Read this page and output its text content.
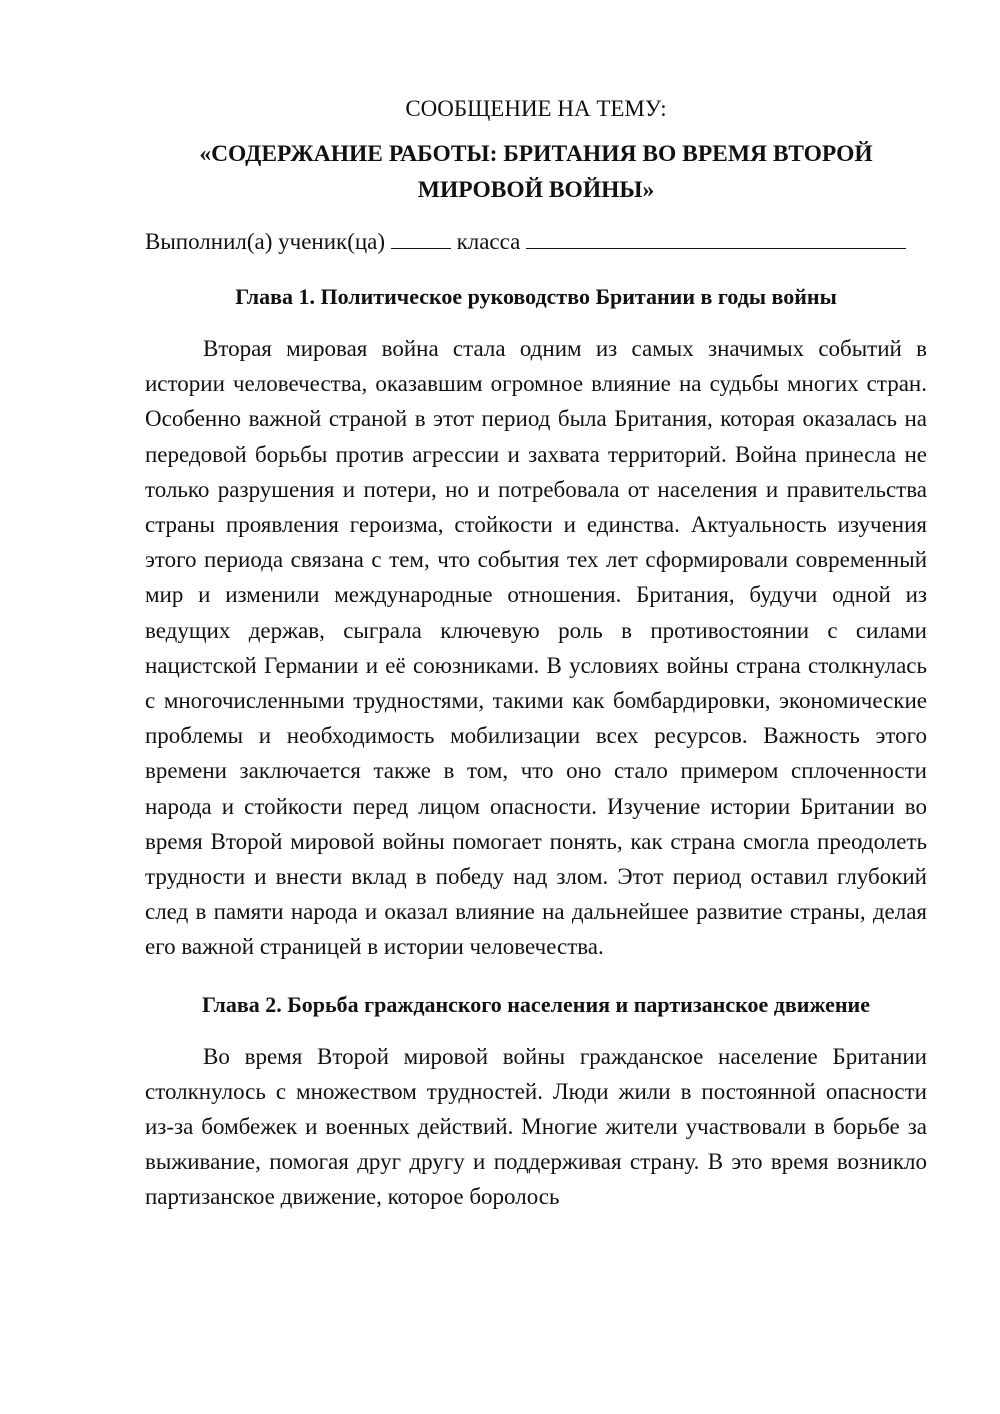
СООБЩЕНИЕ НА ТЕМУ:
«СОДЕРЖАНИЕ РАБОТЫ: БРИТАНИЯ ВО ВРЕМЯ ВТОРОЙ
МИРОВОЙ ВОЙНЫ»
Выполнил(а) ученик(ца)	класса
Глава 1. Политическое руководство Британии в годы войны

Вторая мировая война стала одним из самых значимых событий в истории человечества, оказавшим огромное влияние на судьбы многих стран. Особенно важной страной в этот период была Британия, которая оказалась на передовой борьбы против агрессии и захвата территорий. Война принесла не только разрушения и потери, но и потребовала от населения и правительства страны проявления героизма, стойкости и единства. Актуальность изучения этого периода связана с тем, что события тех лет сформировали современный мир и изменили международные отношения. Британия, будучи одной из ведущих держав, сыграла ключевую роль в противостоянии с силами нацистской Германии и её союзниками. В условиях войны страна столкнулась с многочисленными трудностями, такими как бомбардировки, экономические проблемы и необходимость мобилизации всех ресурсов. Важность этого времени заключается также в том, что оно стало примером сплоченности народа и стойкости перед лицом опасности. Изучение истории Британии во время Второй мировой войны помогает понять, как страна смогла преодолеть трудности и внести вклад в победу над злом. Этот период оставил глубокий след в памяти народа и оказал влияние на дальнейшее развитие страны, делая его важной страницей в истории человечества.

Глава 2. Борьба гражданского населения и партизанское движение

Во время Второй мировой войны гражданское население Британии столкнулось с множеством трудностей. Люди жили в постоянной опасности из-за бомбежек и военных действий. Многие жители участвовали в борьбе за выживание, помогая друг другу и поддерживая страну. В это время возникло партизанское движение, которое боролось
